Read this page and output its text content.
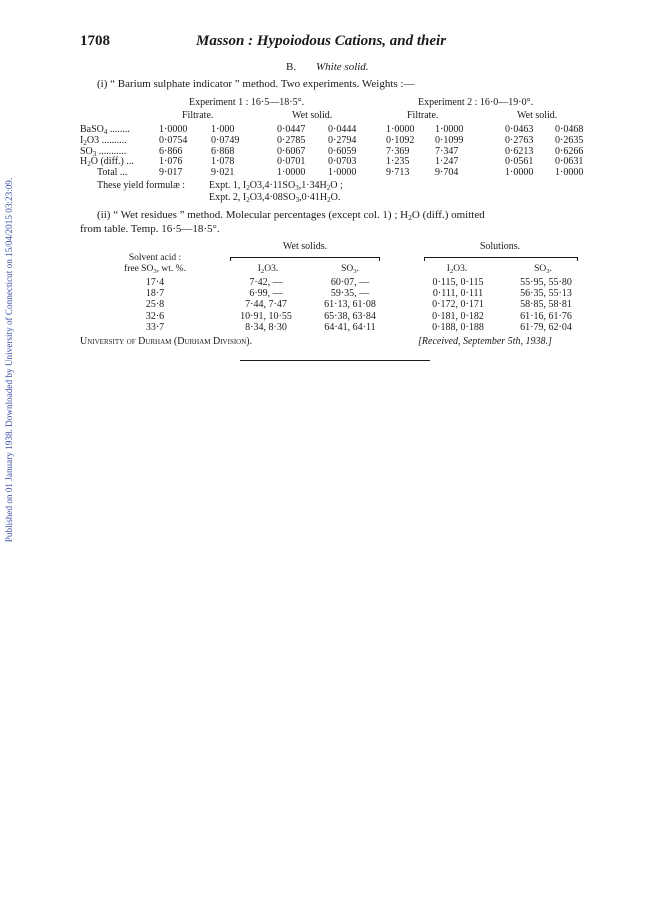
Published on 01 January 1938. Downloaded by University of Connecticut on 15/04/2015 03:23:09.
1708	Masson : Hypoiodous Cations, and their
B. White solid.
(i) “ Barium sulphate indicator ” method. Two experiments. Weights :—
Experiment 1 : 16·5—18·5°.	Experiment 2 : 16·0—19·0°.
Filtrate.	Wet solid.	Filtrate.	Wet solid.
BaSO$_4$ ........	1·0000 1·000	0·0447 0·0444	1·0000 1·0000	0·0463 0·0468
$I_2O3$ ..........	0·0754 0·0749	0·2785 0·2794	0·1092 0·1099	0·2763 0·2635
$SO_3$ ...........	6·866	6·868	0·6067 0·6059	7·369	7·347	0·6213 0·6266
$H_2O$ (diff.) ...	1·076	1·078	0·0701 0·0703	1·235	1·247	0·0561 0·0631
Total ...	9·017	9·021	1·0000 1·0000	9·713	9·704	1·0000 1·0000
Solvent acid :
free $SO_3$, wt. %.
Wet solids.	Solutions.
$I_2O3$.	$SO_3$.	$I_2O3$.	$SO_3$.
17·4	7·42, —	60·07, —	0·115, 0·115	55·95, 55·80
18·7	6·99, —	59·35, —	0·111, 0·111	56·35, 55·13
25·8	7·44, 7·47	61·13, 61·08	0·172, 0·171	58·85, 58·81
32·6	10·91, 10·55	65·38, 63·84	0·181, 0·182	61·16, 61·76
33·7	8·34, 8·30	64·41, 64·11	0·188, 0·188	61·79, 62·04
These yield formulæ : Expt. 1, $I_2O3,4\cdot 11SO_3,1\cdot 34H_2O$ ;
Expt. 2, $I_2O3,4\cdot 08SO_3,0\cdot 41H_2O$.
(ii) “ Wet residues ” method. Molecular percentages (except col. 1) ; $H_2O$ (diff.) omitted
from table. Temp. 16·5—18·5°.
University of Durham (Durham Division).	[Received, September 5th, 1938.]
